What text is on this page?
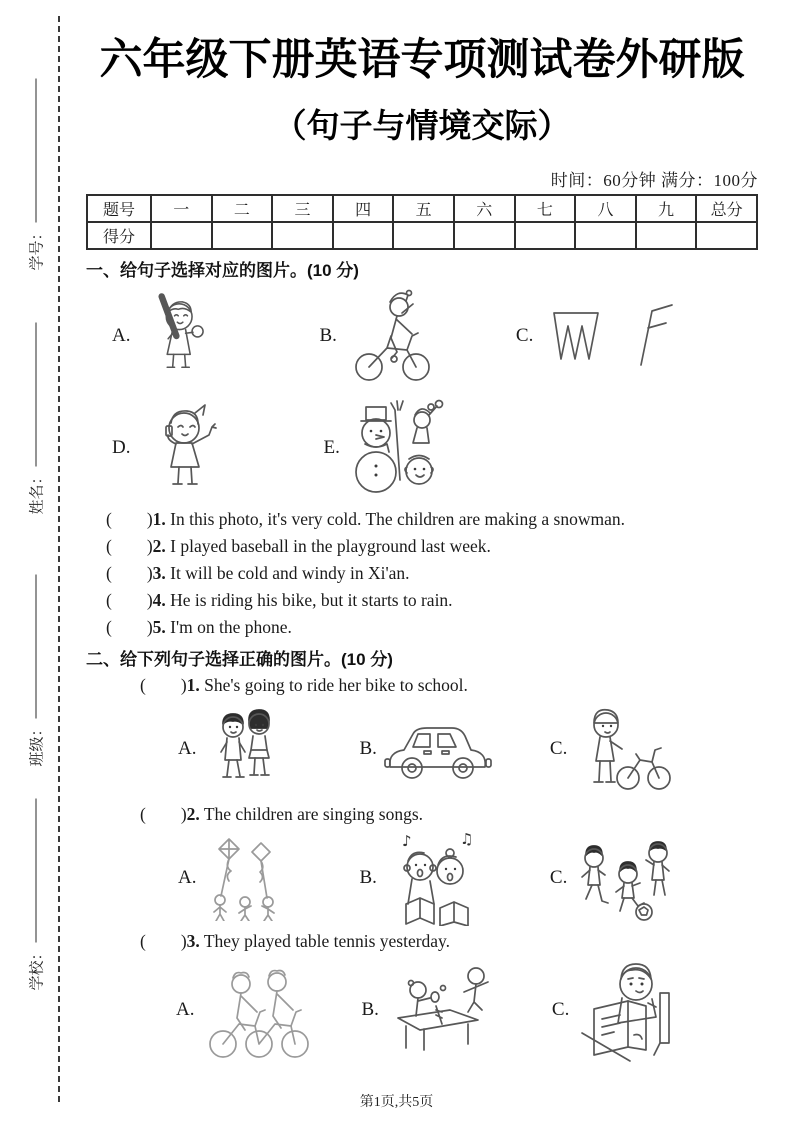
学号：
姓名：
班级：
学校：
六年级下册英语专项测试卷外研版
（句子与情境交际）
时间：60分钟 满分：100分
题号	一	二	三	四	五	六	七	八	九	总分
得分										
一、给句子选择对应的图片。(10 分)
A.	B.	C.
D.	E.
(　　)1. In this photo, it's very cold. The children are making a snowman.
(　　)2. I played baseball in the playground last week.
(　　)3. It will be cold and windy in Xi'an.
(　　)4. He is riding his bike, but it starts to rain.
(　　)5. I'm on the phone.
二、给下列句子选择正确的图片。(10 分)
(　　)1. She's going to ride her bike to school.
A.	B.	C.
(　　)2. The children are singing songs.
A.	B.
♪	♫
C.
(　　)3. They played table tennis yesterday.
A.	B.	C.
第1页,共5页
